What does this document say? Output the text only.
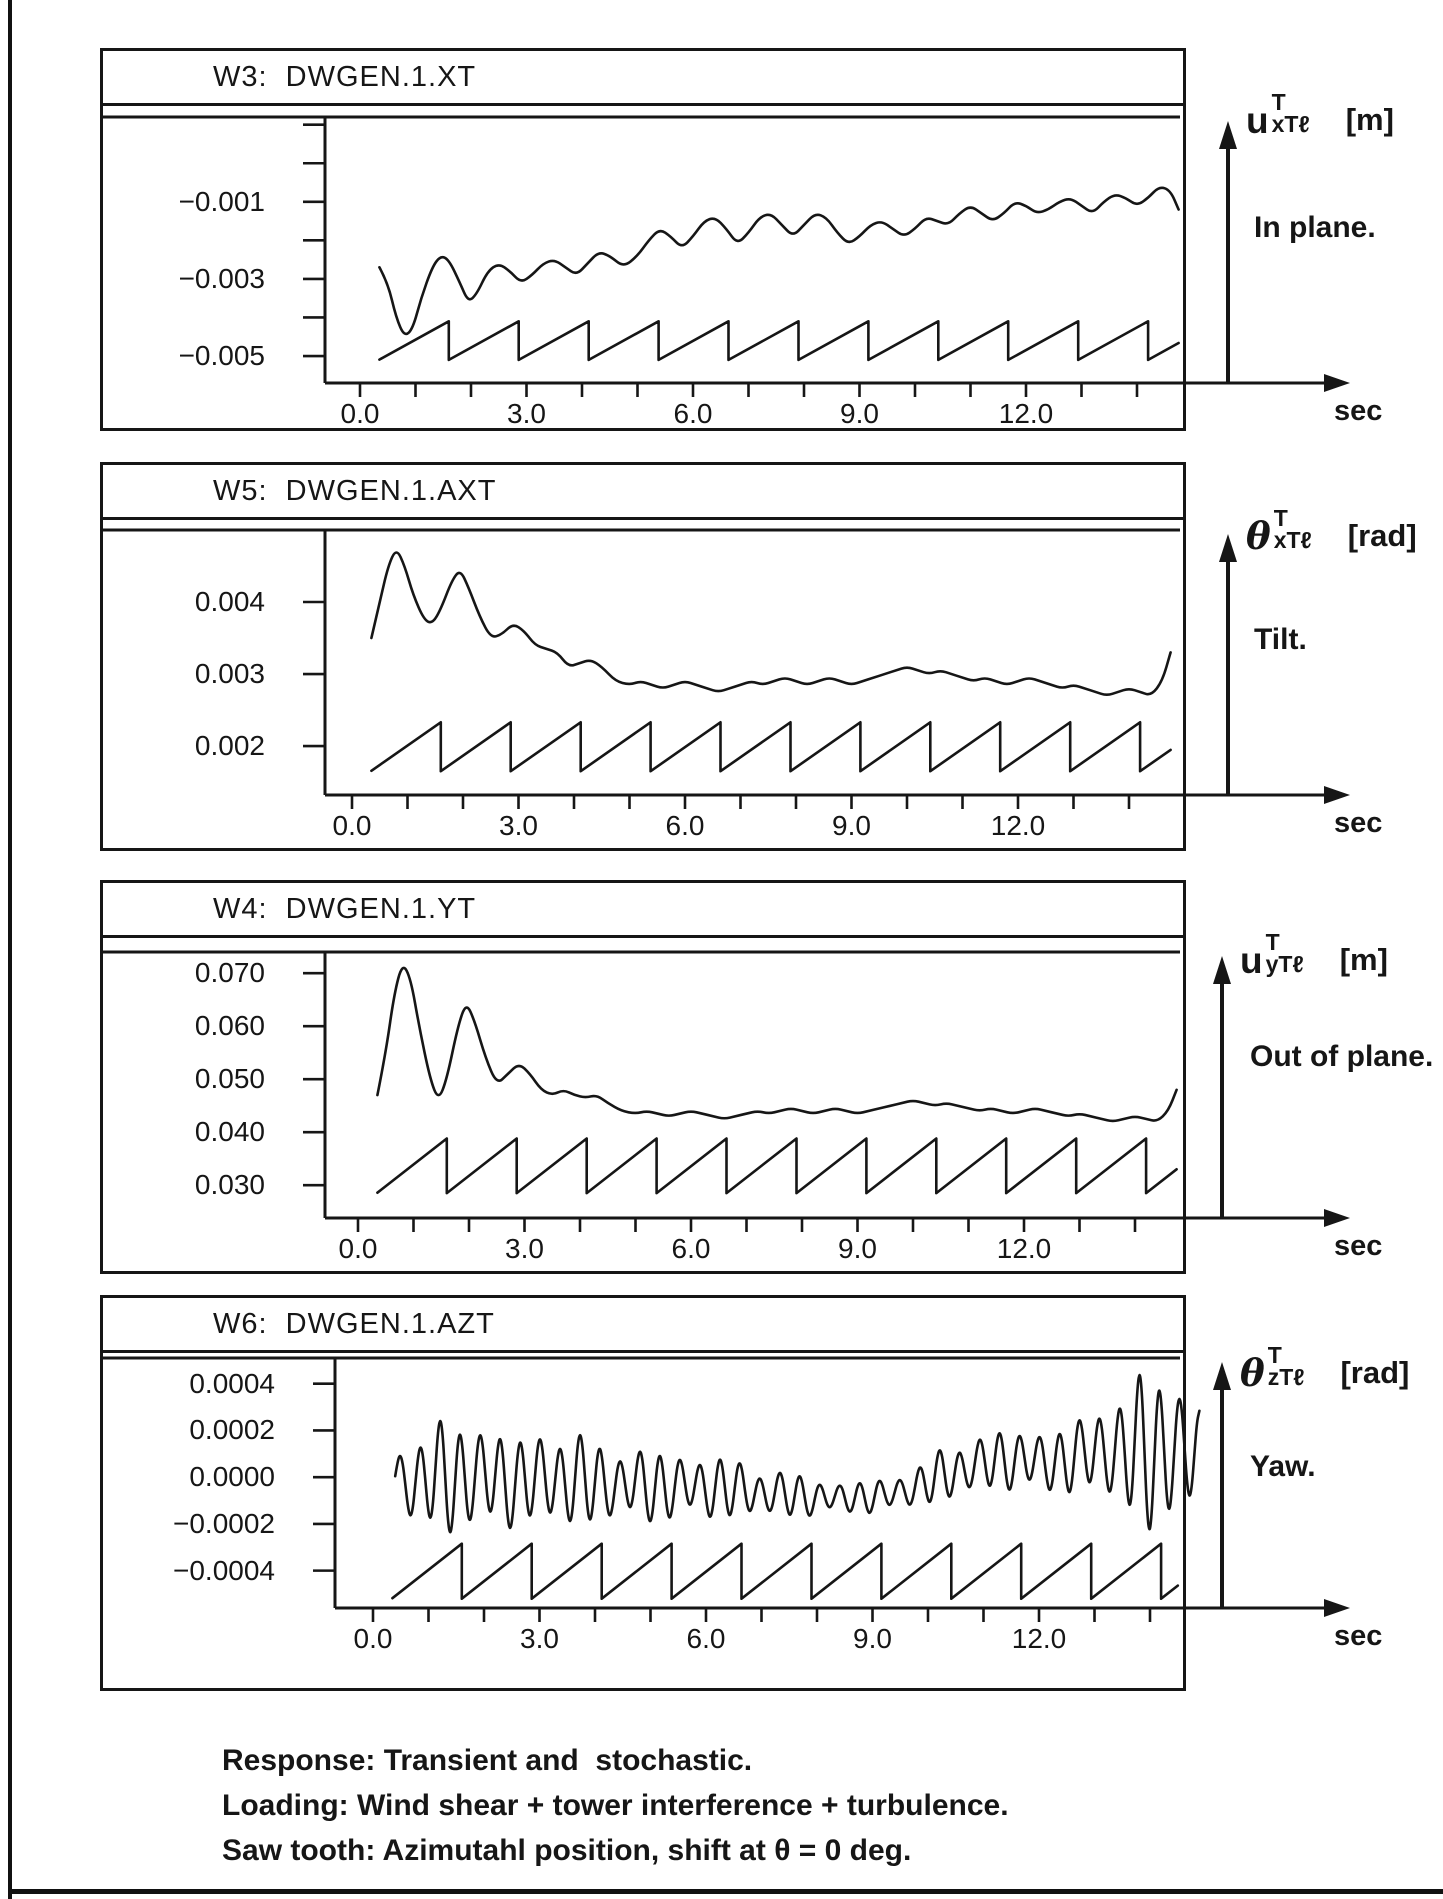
W3:  DWGEN.1.XT
W5:  DWGEN.1.AXT
W4:  DWGEN.1.YT
W6:  DWGEN.1.AZT
u T
xTℓ [m]
In plane.
sec
θ T
xTℓ [rad]
Tilt.
sec
u T
yTℓ [m]
Out of plane.
sec
θ T
zTℓ [rad]
Yaw.
sec
Response: Transient and  stochastic.
Loading: Wind shear + tower interference + turbulence.
Saw tooth: Azimutahl position, shift at θ = 0 deg.
0.0	3.0	6.0	9.0	12.0
−0.001
−0.003
−0.005
0.0	3.0	6.0	9.0	12.0
0.004
0.003
0.002
0.0	3.0	6.0	9.0	12.0
0.070
0.060
0.050
0.040
0.030
0.0	3.0	6.0	9.0	12.0
0.0004
0.0002
0.0000
−0.0002
−0.0004
